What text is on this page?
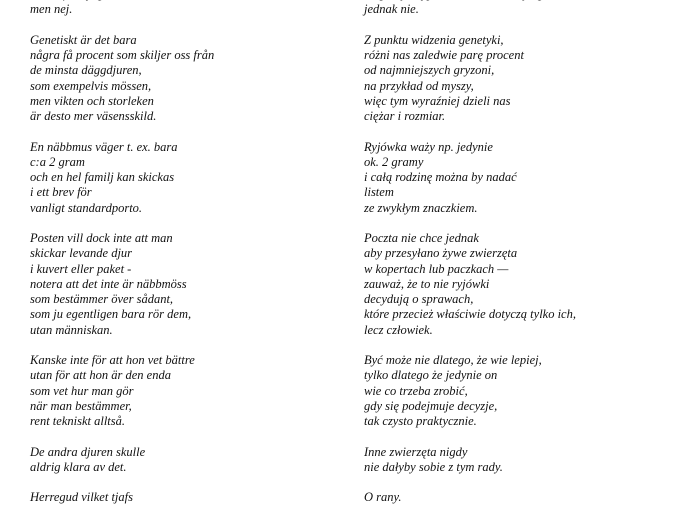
men nej.

Genetiskt är det bara
några få procent som skiljer oss från
de minsta däggdjuren,
som exempelvis mössen,
men vikten och storleken
är desto mer väsensskild.

En näbbmus väger t. ex. bara
c:a 2 gram
och en hel familj kan skickas
i ett brev för
vanligt standardporto.

Posten vill dock inte att man
skickar levande djur
i kuvert eller paket -
notera att det inte är näbbmöss
som bestämmer över sådant,
som ju egentligen bara rör dem,
utan människan.

Kanske inte för att hon vet bättre
utan för att hon är den enda
som vet hur man gör
när man bestämmer,
rent tekniskt alltså.

De andra djuren skulle
aldrig klara av det.

Herregud vilket tjafs
jednak nie.

Z punktu widzenia genetyki,
różni nas zaledwie parę procent
od najmniejszych gryzoni,
na przykład od myszy,
więc tym wyraźniej dzieli nas
ciężar i rozmiar.

Ryjówka waży np. jedynie
ok. 2 gramy
i całą rodzinę można by nadać
listem
ze zwykłym znaczkiem.

Poczta nie chce jednak
aby przesyłano żywe zwierzęta
w kopertach lub paczkach —
zauważ, że to nie ryjówki
decydują o sprawach,
które przecież właściwie dotyczą tylko ich,
lecz człowiek.

Być może nie dlatego, że wie lepiej,
tylko dlatego że jedynie on
wie co trzeba zrobić,
gdy się podejmuje decyzje,
tak czysto praktycznie.

Inne zwierzęta nigdy
nie dałyby sobie z tym rady.

O rany.
